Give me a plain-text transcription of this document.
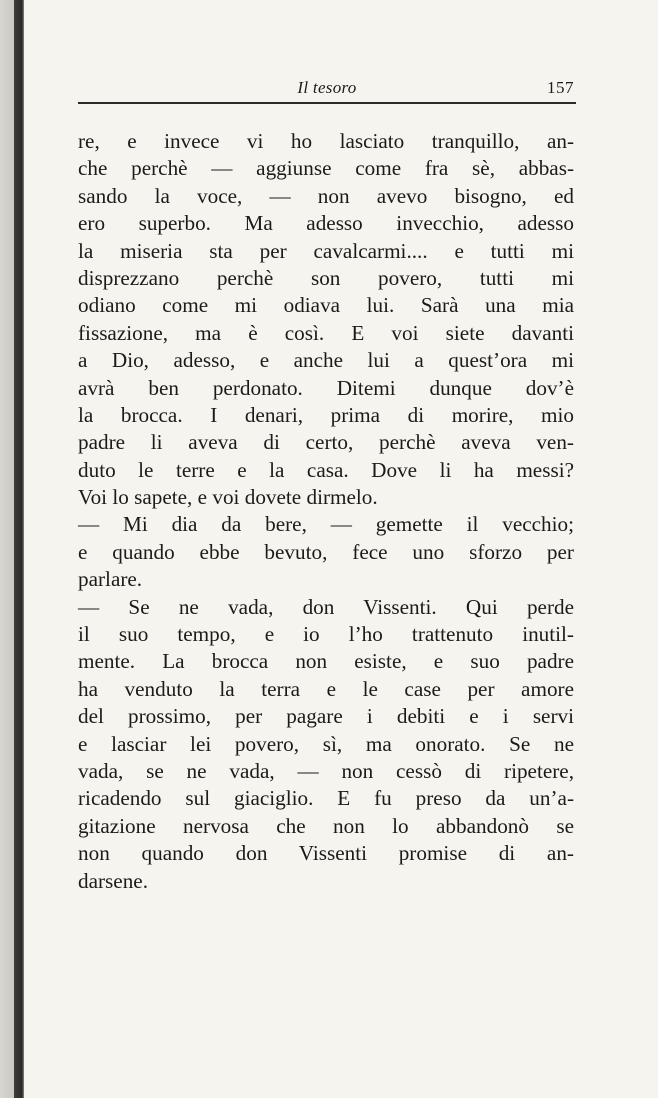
Il tesoro	157
re, e invece vi ho lasciato tranquillo, an-
che perchè — aggiunse come fra sè, abbas-
sando la voce, — non avevo bisogno, ed
ero superbo. Ma adesso invecchio, adesso
la miseria sta per cavalcarmi.... e tutti mi
disprezzano perchè son povero, tutti mi
odiano come mi odiava lui. Sarà una mia
fissazione, ma è così. E voi siete davanti
a Dio, adesso, e anche lui a quest’ora mi
avrà ben perdonato. Ditemi dunque dov’è
la brocca. I denari, prima di morire, mio
padre li aveva di certo, perchè aveva ven-
duto le terre e la casa. Dove li ha messi?
Voi lo sapete, e voi dovete dirmelo.
— Mi dia da bere, — gemette il vecchio;
e quando ebbe bevuto, fece uno sforzo per
parlare.
— Se ne vada, don Vissenti. Qui perde
il suo tempo, e io l’ho trattenuto inutil-
mente. La brocca non esiste, e suo padre
ha venduto la terra e le case per amore
del prossimo, per pagare i debiti e i servi
e lasciar lei povero, sì, ma onorato. Se ne
vada, se ne vada, — non cessò di ripetere,
ricadendo sul giaciglio. E fu preso da un’a-
gitazione nervosa che non lo abbandonò se
non quando don Vissenti promise di an-
darsene.
